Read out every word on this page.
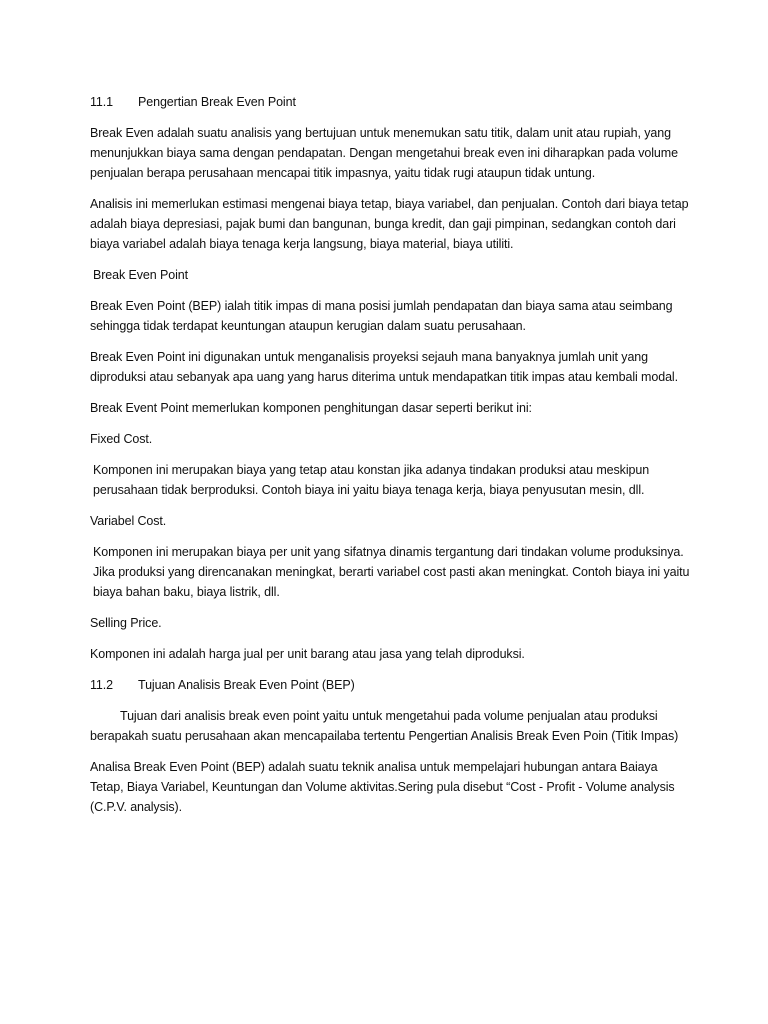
11.1	Pengertian Break Even Point

Break Even adalah suatu analisis yang bertujuan untuk menemukan satu titik, dalam unit atau rupiah, yang menunjukkan biaya sama dengan pendapatan. Dengan mengetahui break even ini diharapkan pada volume penjualan berapa perusahaan mencapai titik impasnya, yaitu tidak rugi ataupun tidak untung.

Analisis ini memerlukan estimasi mengenai biaya tetap, biaya variabel, dan penjualan. Contoh dari biaya tetap adalah biaya depresiasi, pajak bumi dan bangunan, bunga kredit, dan gaji pimpinan, sedangkan contoh dari biaya variabel adalah biaya tenaga kerja langsung, biaya material, biaya utiliti.

Break Even Point

Break Even Point (BEP) ialah titik impas di mana posisi jumlah pendapatan dan biaya sama atau seimbang sehingga tidak terdapat keuntungan ataupun kerugian dalam suatu perusahaan.

Break Even Point ini digunakan untuk menganalisis proyeksi sejauh mana banyaknya jumlah unit yang diproduksi atau sebanyak apa uang yang harus diterima untuk mendapatkan titik impas atau kembali modal.

Break Event Point memerlukan komponen penghitungan dasar seperti berikut ini:

Fixed Cost.

Komponen ini merupakan biaya yang tetap atau konstan jika adanya tindakan produksi atau meskipun perusahaan tidak berproduksi. Contoh biaya ini yaitu biaya tenaga kerja, biaya penyusutan mesin, dll.

Variabel Cost.

Komponen ini merupakan biaya per unit yang sifatnya dinamis tergantung dari tindakan volume produksinya. Jika produksi yang direncanakan meningkat, berarti variabel cost pasti akan meningkat. Contoh biaya ini yaitu biaya bahan baku, biaya listrik, dll.

Selling Price.

Komponen ini adalah harga jual per unit barang atau jasa yang telah diproduksi.

11.2	Tujuan Analisis Break Even Point (BEP)

Tujuan dari analisis break even point yaitu untuk mengetahui pada volume penjualan atau produksi berapakah suatu perusahaan akan mencapailaba tertentu Pengertian Analisis Break Even Poin (Titik Impas)

Analisa Break Even Point (BEP) adalah suatu teknik analisa untuk mempelajari hubungan antara Baiaya Tetap, Biaya Variabel, Keuntungan dan Volume aktivitas.Sering pula disebut “Cost - Profit - Volume analysis (C.P.V. analysis).
